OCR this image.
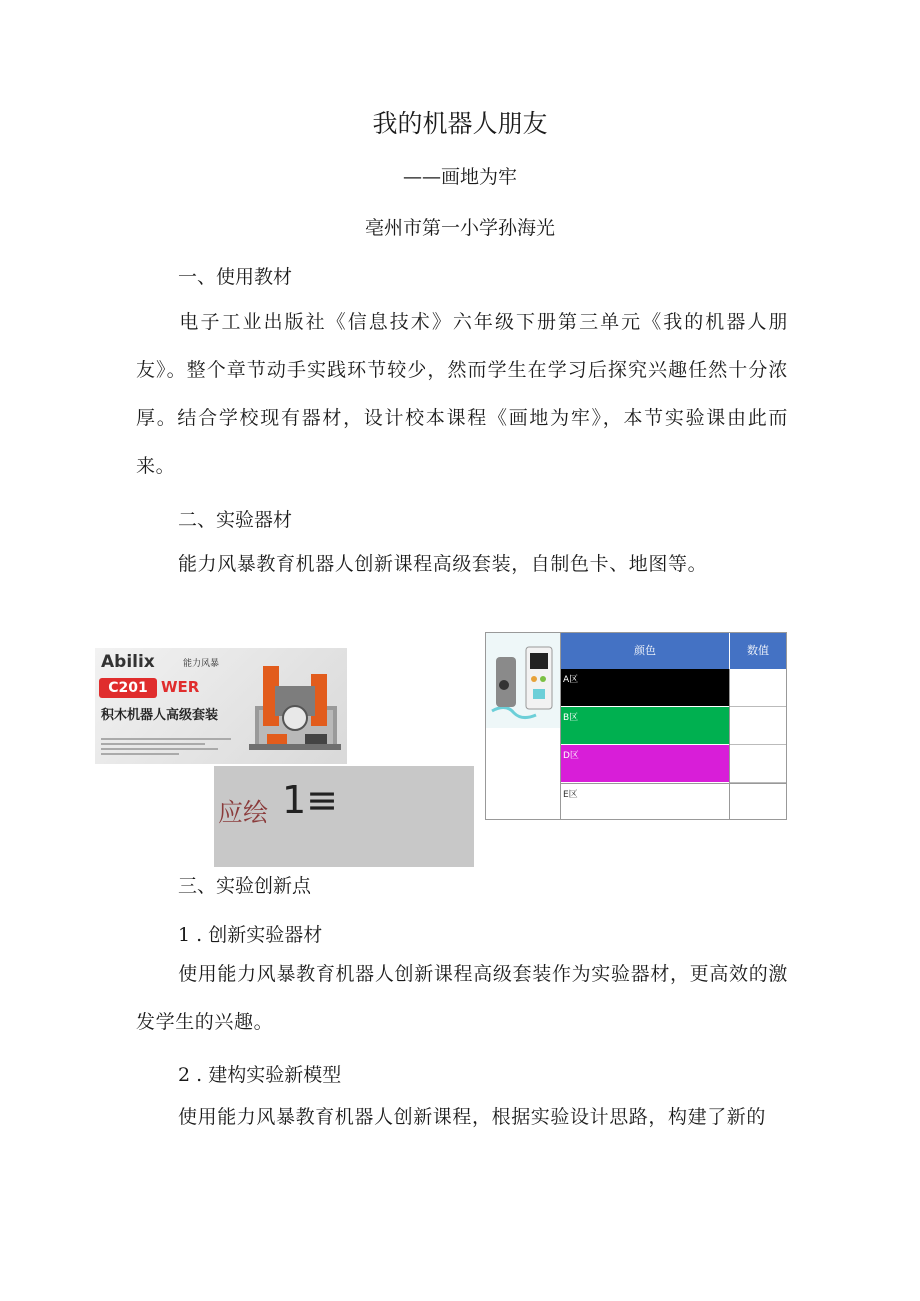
我的机器人朋友
——画地为牢
亳州市第一小学孙海光
一、使用教材
电子工业出版社《信息技术》六年级下册第三单元《我的机器人朋友》。整个章节动手实践环节较少，然而学生在学习后探究兴趣任然十分浓厚。结合学校现有器材，设计校本课程《画地为牢》，本节实验课由此而来。
二、实验器材
能力风暴教育机器人创新课程高级套装，自制色卡、地图等。
Abilix	能力风暴
C201 WER
积木机器人高级套装
应绘 1≡
颜色	数值
A区
B区
D区
E区
三、实验创新点
1 . 创新实验器材
使用能力风暴教育机器人创新课程高级套装作为实验器材，更高效的激发学生的兴趣。
2 . 建构实验新模型
使用能力风暴教育机器人创新课程，根据实验设计思路，构建了新的
